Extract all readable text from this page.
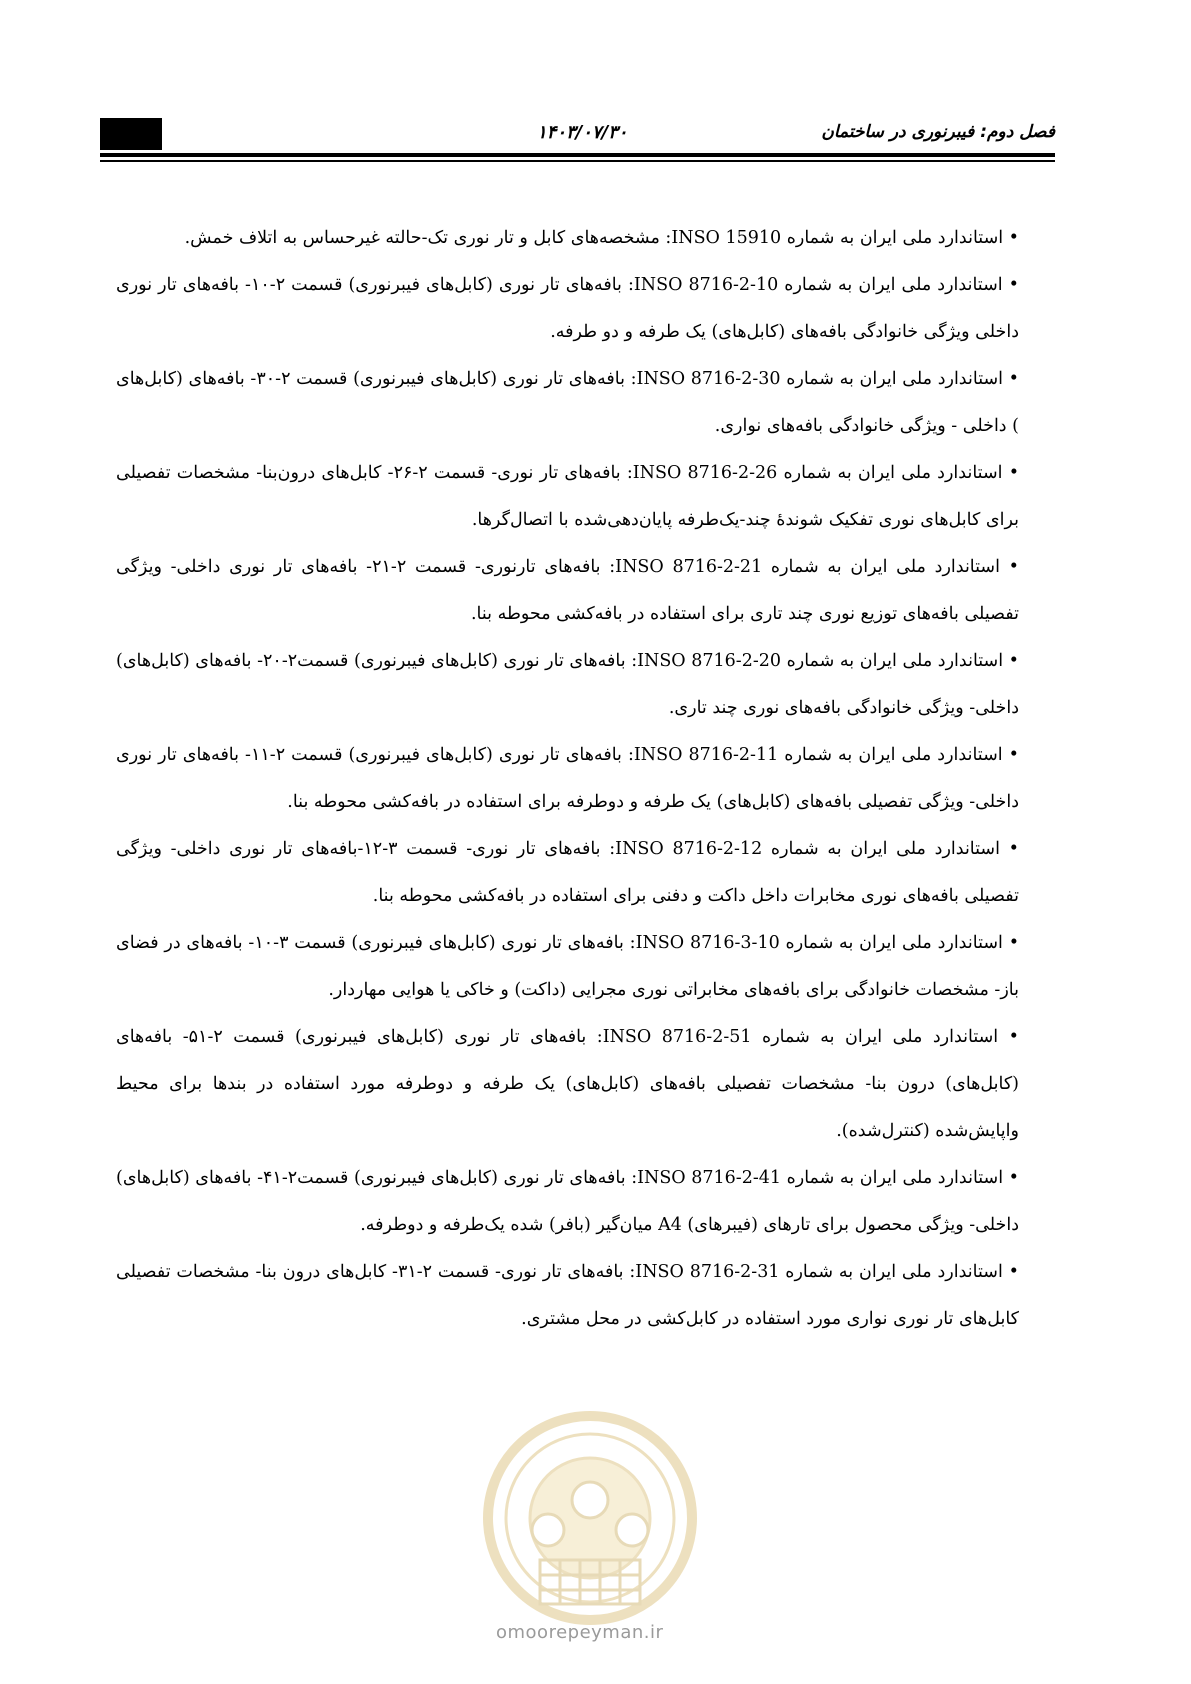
۱۴۰۳/۰۷/۳۰	فصل دوم: فیبرنوری در ساختمان

• استاندارد ملی ایران به شماره INSO 15910: مشخصه‌های کابل و تار نوری تک-حالته غیرحساس به اتلاف خمش.

• استاندارد ملی ایران به شماره INSO 8716-2-10: بافه‌های تار نوری (کابل‌های فیبرنوری) قسمت ۲-۱۰- بافه‌های تار نوری داخلی ویژگی خانوادگی بافه‌های (کابل‌های) یک طرفه و دو طرفه.

• استاندارد ملی ایران به شماره INSO 8716-2-30: بافه‌های تار نوری (کابل‌های فیبرنوری) قسمت ۲-۳۰- بافه‌های (کابل‌های ) داخلی - ویژگی خانوادگی بافه‌های نواری.

• استاندارد ملی ایران به شماره INSO 8716-2-26: بافه‌های تار نوری- قسمت ۲-۲۶- کابل‌های درون‌بنا- مشخصات تفصیلی برای کابل‌های نوری تفکیک شوندهٔ چند-یک‌طرفه پایان‌دهی‌شده با اتصال‌گرها.

• استاندارد ملی ایران به شماره INSO 8716-2-21: بافه‌های تارنوری- قسمت ۲-۲۱- بافه‌های تار نوری داخلی- ویژگی تفصیلی بافه‌های توزیع نوری چند تاری برای استفاده در بافه‌کشی محوطه بنا.

• استاندارد ملی ایران به شماره INSO 8716-2-20: بافه‌های تار نوری (کابل‌های فیبرنوری) قسمت۲-۲۰- بافه‌های (کابل‌های) داخلی- ویژگی خانوادگی بافه‌های نوری چند تاری.

• استاندارد ملی ایران به شماره INSO 8716-2-11: بافه‌های تار نوری (کابل‌های فیبرنوری) قسمت ۲-۱۱- بافه‌های تار نوری داخلی- ویژگی تفصیلی بافه‌های (کابل‌های) یک طرفه و دوطرفه برای استفاده در بافه‌کشی محوطه بنا.

• استاندارد ملی ایران به شماره INSO 8716-2-12: بافه‌های تار نوری- قسمت ۳-۱۲-بافه‌های تار نوری داخلی- ویژگی تفصیلی بافه‌های نوری مخابرات داخل داکت و دفنی برای استفاده در بافه‌کشی محوطه بنا.

• استاندارد ملی ایران به شماره INSO 8716-3-10: بافه‌های تار نوری (کابل‌های فیبرنوری) قسمت ۳-۱۰- بافه‌های در فضای باز- مشخصات خانوادگی برای بافه‌های مخابراتی نوری مجرایی (داکت) و خاکی یا هوایی مهاردار.

• استاندارد ملی ایران به شماره INSO 8716-2-51: بافه‌های تار نوری (کابل‌های فیبرنوری) قسمت ۲-۵۱- بافه‌های (کابل‌های) درون بنا- مشخصات تفصیلی بافه‌های (کابل‌های) یک طرفه و دوطرفه مورد استفاده در بندها برای محیط واپایش‌شده (کنترل‌شده).

• استاندارد ملی ایران به شماره INSO 8716-2-41: بافه‌های تار نوری (کابل‌های فیبرنوری) قسمت۲-۴۱- بافه‌های (کابل‌های) داخلی- ویژگی محصول برای تارهای (فیبرهای) A4 میان‌گیر (بافر) شده یک‌طرفه و دوطرفه.

• استاندارد ملی ایران به شماره INSO 8716-2-31: بافه‌های تار نوری- قسمت ۲-۳۱- کابل‌های درون بنا- مشخصات تفصیلی کابل‌های تار نوری نواری مورد استفاده در کابل‌کشی در محل مشتری.

omoorepeyman.ir
